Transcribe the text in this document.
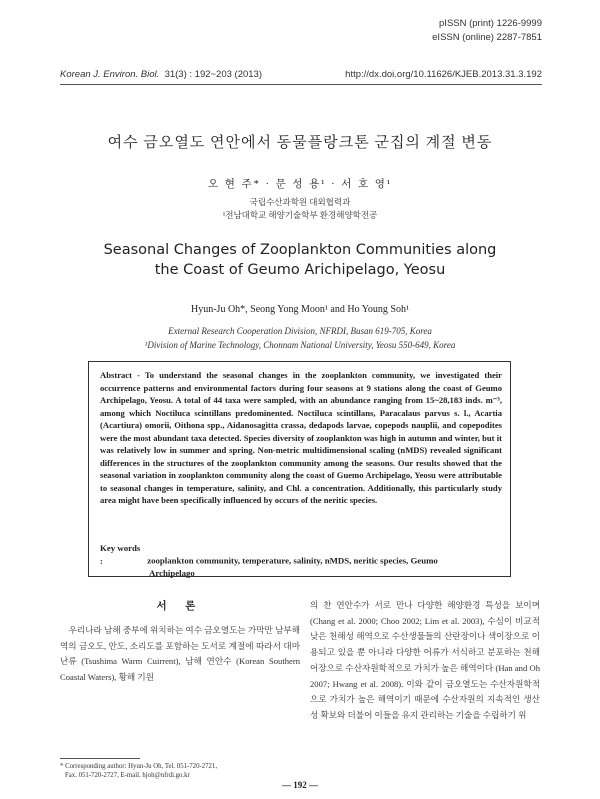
pISSN (print) 1226-9999
eISSN (online) 2287-7851
Korean J. Environ. Biol. 31(3) : 192~203 (2013)	http://dx.doi.org/10.11626/KJEB.2013.31.3.192
여수 금오열도 연안에서 동물플랑크톤 군집의 계절 변동
오 현 주* · 문 성 용¹ · 서 호 영¹
국립수산과학원 대외협력과
¹전남대학교 해양기술학부 환경해양학전공
Seasonal Changes of Zooplankton Communities along
the Coast of Geumo Arichipelago, Yeosu
Hyun-Ju Oh*, Seong Yong Moon¹ and Ho Young Soh¹
External Research Cooperation Division, NFRDI, Busan 619-705, Korea
¹Division of Marine Technology, Chonnam National University, Yeosu 550-649, Korea
Abstract - To understand the seasonal changes in the zooplankton community, we investigated their occurrence patterns and environmental factors during four seasons at 9 stations along the coast of Geumo Archipelago, Yeosu. A total of 44 taxa were sampled, with an abundance ranging from 15~28,183 inds. m⁻³, among which Noctiluca scintillans predominented. Noctiluca scintillans, Paracalaus parvus s. l., Acartia (Acartiura) omorii, Oithona spp., Aidanosagitta crassa, dedapods larvae, copepods nauplii, and copepodites were the most abundant taxa detected. Species diversity of zooplankton was high in autumn and winter, but it was relatively low in summer and spring. Non-metric multidimensional scaling (nMDS) revealed significant differences in the structures of the zooplankton community among the seasons. Our results showed that the seasonal variation in zooplankton community along the coast of Guemo Archipelago, Yeosu were attributable to seasonal changes in temperature, salinity, and Chl. a concentration. Additionally, this particularly study area might have been specifically influenced by occurs of the neritic species.
Key words :	zooplankton community, temperature, salinity, nMDS, neritic species, Geumo
Archipelago
서 론

우리나라 남해 중부에 위치하는 여수 금오열도는 가막만 남부해역의 금오도, 안도, 소리도를 포함하는 도서로 계절에 따라서 대마난류 (Tsushima Warm Cuirrent), 남해 연안수 (Korean Southern Coastal Waters), 황해 기원

의 찬 연안수가 서로 만나 다양한 해양환경 특성을 보이며 (Chang et al. 2000; Choo 2002; Lim et al. 2003), 수심이 비교적 낮은 천해성 해역으로 수산생물들의 산란장이나 색이장으로 이용되고 있을 뿐 아니라 다양한 어류가 서식하고 분포하는 천해 어장으로 수산자원학적으로 가치가 높은 해역이다 (Han and Oh 2007; Hwang et al. 2008). 이와 같이 금오열도는 수산자원학적으로 가치가 높은 해역이기 때문에 수산자원의 지속적인 생산성 확보와 더불어 이들을 유지 관리하는 기술을 수립하기 위

* Corresponding author: Hyun-Ju Oh, Tel. 051-720-2721,
Fax. 051-720-2727, E-mail. hjoh@nfrdi.go.kr
— 192 —
